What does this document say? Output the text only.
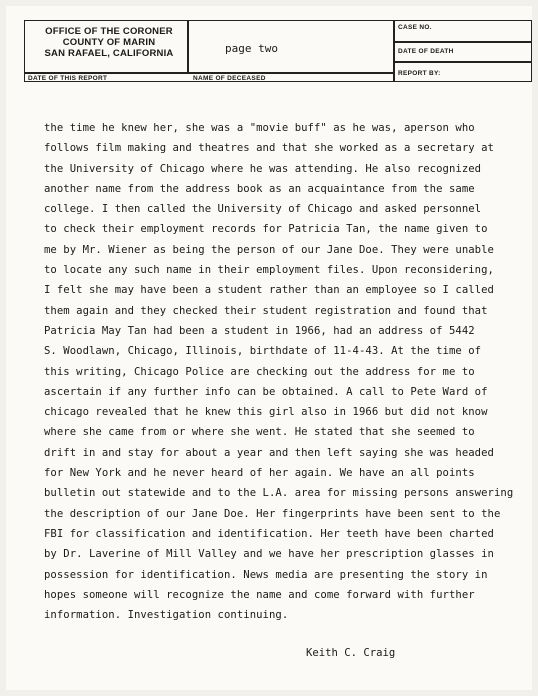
OFFICE OF THE CORONER
COUNTY OF MARIN
SAN RAFAEL, CALIFORNIA	page two
CASE NO.
DATE OF DEATH
DATE OF THIS REPORT	NAME OF DECEASED
REPORT BY:
the time he knew her, she was a "movie buff" as he was, aperson who
follows film making and theatres and that she worked as a secretary at
the University of Chicago where he was attending. He also recognized
another name from the address book as an acquaintance from the same
college. I then called the University of Chicago and asked personnel
to check their employment records for Patricia Tan, the name given to
me by Mr. Wiener as being the person of our Jane Doe. They were unable
to locate any such name in their employment files. Upon reconsidering,
I felt she may have been a student rather than an employee so I called
them again and they checked their student registration and found that
Patricia May Tan had been a student in 1966, had an address of 5442
S. Woodlawn, Chicago, Illinois, birthdate of 11-4-43. At the time of
this writing, Chicago Police are checking out the address for me to
ascertain if any further info can be obtained. A call to Pete Ward of
chicago revealed that he knew this girl also in 1966 but did not know
where she came from or where she went. He stated that she seemed to
drift in and stay for about a year and then left saying she was headed
for New York and he never heard of her again. We have an all points
bulletin out statewide and to the L.A. area for missing persons answering
the description of our Jane Doe. Her fingerprints have been sent to the
FBI for classification and identification. Her teeth have been charted
by Dr. Laverine of Mill Valley and we have her prescription glasses in
possession for identification. News media are presenting the story in
hopes someone will recognize the name and come forward with further
information. Investigation continuing.
Keith C. Craig
